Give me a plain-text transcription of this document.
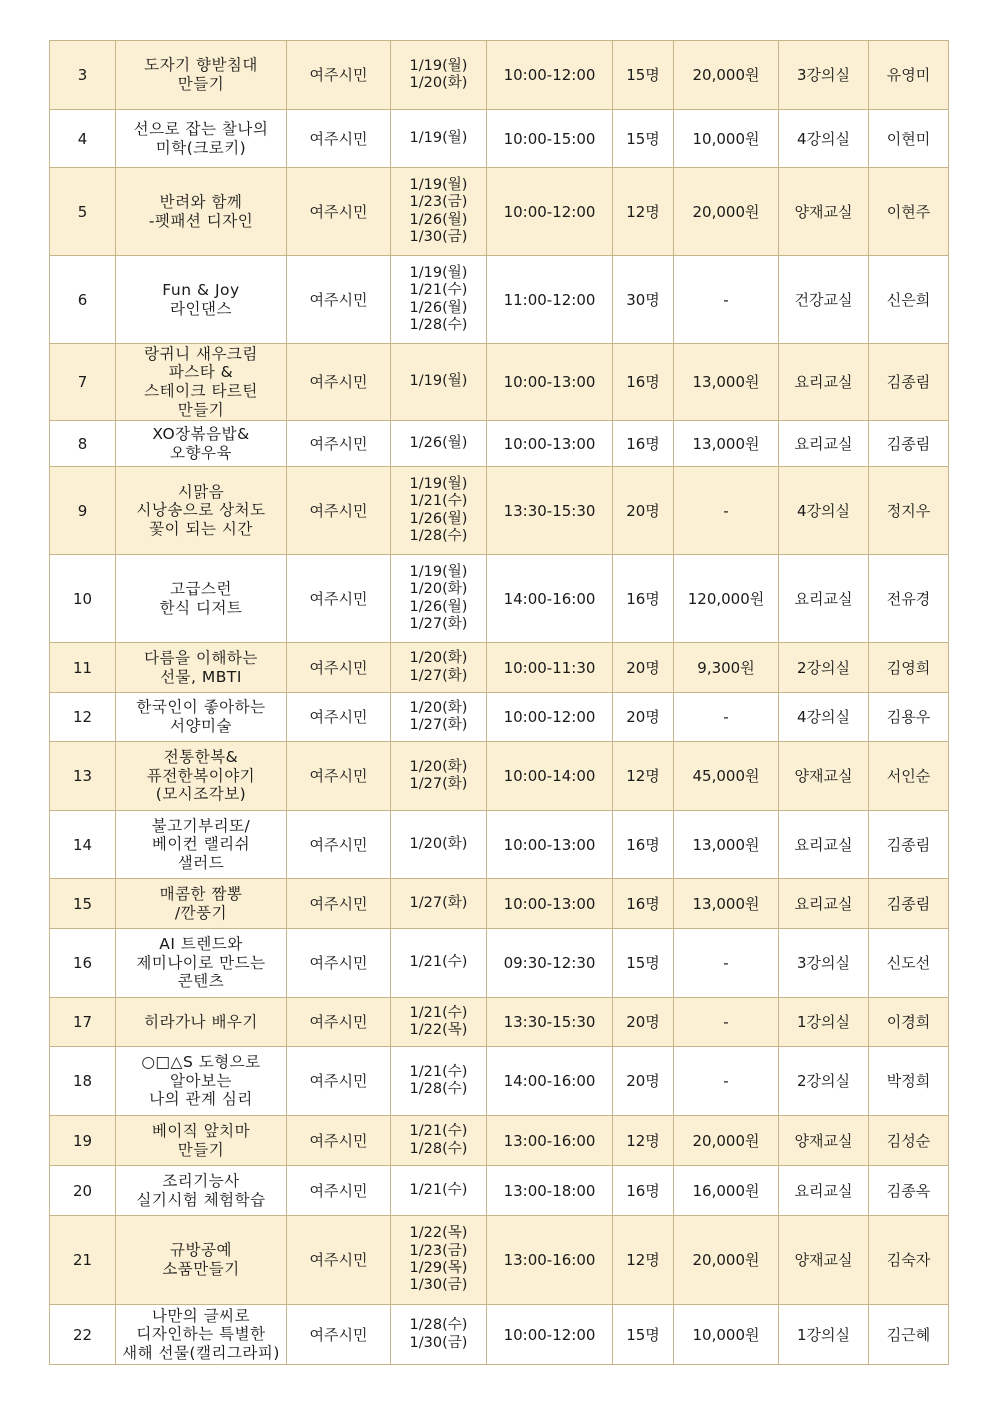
3	도자기 향받침대
만들기	여주시민	1/19(월)
1/20(화)	10:00-12:00	15명	20,000원	3강의실	유영미
4	선으로 잡는 찰나의
미학(크로키)	여주시민	1/19(월)	10:00-15:00	15명	10,000원	4강의실	이현미
5	반려와 함께
-펫패션 디자인	여주시민	1/19(월)
1/23(금)
1/26(월)
1/30(금)	10:00-12:00	12명	20,000원	양재교실	이현주
6	Fun & Joy
라인댄스	여주시민	1/19(월)
1/21(수)
1/26(월)
1/28(수)	11:00-12:00	30명	-	건강교실	신은희
7	랑귀니 새우크림
파스타 &
스테이크 타르틴
만들기	여주시민	1/19(월)	10:00-13:00	16명	13,000원	요리교실	김종림
8	XO장볶음밥&
오향우육	여주시민	1/26(월)	10:00-13:00	16명	13,000원	요리교실	김종림
9	시맑음
시낭송으로 상처도
꽃이 되는 시간	여주시민	1/19(월)
1/21(수)
1/26(월)
1/28(수)	13:30-15:30	20명	-	4강의실	정지우
10	고급스런
한식 디저트	여주시민	1/19(월)
1/20(화)
1/26(월)
1/27(화)	14:00-16:00	16명	120,000원	요리교실	전유경
11	다름을 이해하는
선물, MBTI	여주시민	1/20(화)
1/27(화)	10:00-11:30	20명	9,300원	2강의실	김영희
12	한국인이 좋아하는
서양미술	여주시민	1/20(화)
1/27(화)	10:00-12:00	20명	-	4강의실	김용우
13	전통한복&
퓨전한복이야기
(모시조각보)	여주시민	1/20(화)
1/27(화)	10:00-14:00	12명	45,000원	양재교실	서인순
14	불고기부리또/
베이컨 랠리쉬
샐러드	여주시민	1/20(화)	10:00-13:00	16명	13,000원	요리교실	김종림
15	매콤한 짬뽕
/깐풍기	여주시민	1/27(화)	10:00-13:00	16명	13,000원	요리교실	김종림
16	AI 트렌드와
제미나이로 만드는
콘텐츠	여주시민	1/21(수)	09:30-12:30	15명	-	3강의실	신도선
17	히라가나 배우기	여주시민	1/21(수)
1/22(목)	13:30-15:30	20명	-	1강의실	이경희
18	○□△S 도형으로
알아보는
나의 관계 심리	여주시민	1/21(수)
1/28(수)	14:00-16:00	20명	-	2강의실	박정희
19	베이직 앞치마
만들기	여주시민	1/21(수)
1/28(수)	13:00-16:00	12명	20,000원	양재교실	김성순
20	조리기능사
실기시험 체험학습	여주시민	1/21(수)	13:00-18:00	16명	16,000원	요리교실	김종옥
21	규방공예
소품만들기	여주시민	1/22(목)
1/23(금)
1/29(목)
1/30(금)	13:00-16:00	12명	20,000원	양재교실	김숙자
22	나만의 글씨로
디자인하는 특별한
새해 선물(캘리그라피)	여주시민	1/28(수)
1/30(금)	10:00-12:00	15명	10,000원	1강의실	김근혜
